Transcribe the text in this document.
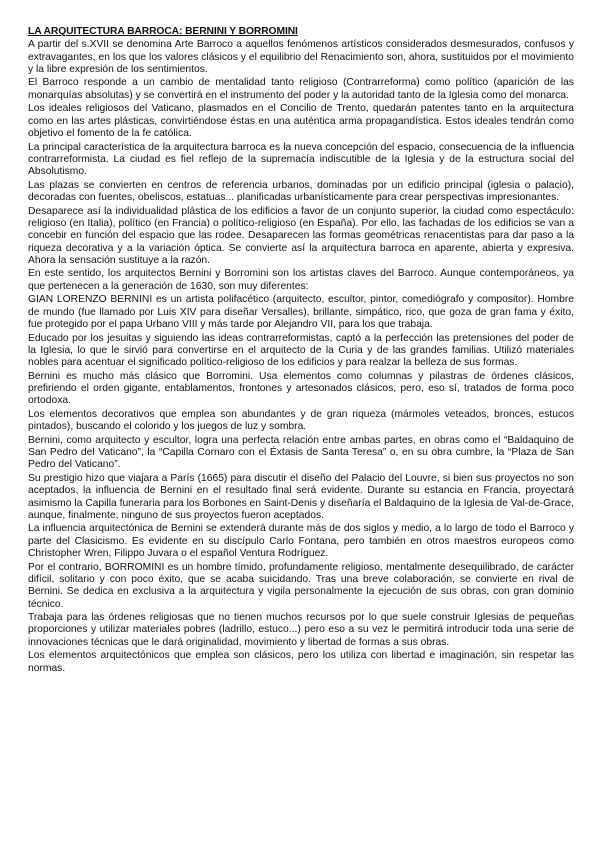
LA ARQUITECTURA BARROCA: BERNINI Y BORROMINI

A partir del s.XVII se denomina Arte Barroco a aquellos fenómenos artísticos considerados desmesurados, confusos y extravagantes, en los que los valores clásicos y el equilibrio del Renacimiento son, ahora, sustituidos por el movimiento y la libre expresión de los sentimientos.

El Barroco responde a un cambio de mentalidad tanto religioso (Contrarreforma) como político (aparición de las monarquías absolutas) y se convertirá en el instrumento del poder y la autoridad tanto de la Iglesia como del monarca.

Los ideales religiosos del Vaticano, plasmados en el Concilio de Trento, quedarán patentes tanto en la arquitectura como en las artes plásticas, convirtiéndose éstas en una auténtica arma propagandística. Estos ideales tendrán como objetivo el fomento de la fe católica.

La principal característica de la arquitectura barroca es la nueva concepción del espacio, consecuencia de la influencia contrarreformista. La ciudad es fiel reflejo de la supremacía indiscutible de la Iglesia y de la estructura social del Absolutismo.

Las plazas se convierten en centros de referencia urbanos, dominadas por un edificio principal (iglesia o palacio), decoradas con fuentes, obeliscos, estatuas... planificadas urbanísticamente para crear perspectivas impresionantes.

Desaparece así la individualidad plástica de los edificios a favor de un conjunto superior, la ciudad como espectáculo: religioso (en Italia), político (en Francia) o político-religioso (en España). Por ello, las fachadas de los edificios se van a concebir en función del espacio que las rodee. Desaparecen las formas geométricas renacentistas para dar paso a la riqueza decorativa y a la variación óptica. Se convierte así la arquitectura barroca en aparente, abierta y expresiva. Ahora la sensación sustituye a la razón.

En este sentido, los arquitectos Bernini y Borromini son los artistas claves del Barroco. Aunque contemporáneos, ya que pertenecen a la generación de 1630, son muy diferentes:

GIAN LORENZO BERNINI es un artista polifacético (arquitecto, escultor, pintor, comediógrafo y compositor). Hombre de mundo (fue llamado por Luis XIV para diseñar Versalles), brillante, simpático, rico, que goza de gran fama y éxito, fue protegido por el papa Urbano VIII y más tarde por Alejandro VII, para los que trabaja.

Educado por los jesuitas y siguiendo las ideas contrarreformistas, captó a la perfección las pretensiones del poder de la Iglesia, lo que le sirvió para convertirse en el arquitecto de la Curia y de las grandes familias. Utilizó materiales nobles para acentuar el significado político-religioso de los edificios y para realzar la belleza de sus formas.

Bernini es mucho más clásico que Borromini. Usa elementos como columnas y pilastras de órdenes clásicos, prefiriendo el orden gigante, entablamentos, frontones y artesonados clásicos, pero, eso sí, tratados de forma poco ortodoxa.

Los elementos decorativos que emplea son abundantes y de gran riqueza (mármoles veteados, bronces, estucos pintados), buscando el colorido y los juegos de luz y sombra.

Bernini, como arquitecto y escultor, logra una perfecta relación entre ambas partes, en obras como el “Baldaquino de San Pedro del Vaticano”, la “Capilla Cornaro con el Éxtasis de Santa Teresa” o, en su obra cumbre, la “Plaza de San Pedro del Vaticano”.

Su prestigio hizo que viajara a París (1665) para discutir el diseño del Palacio del Louvre, si bien sus proyectos no son aceptados, la influencia de Bernini en el resultado final será evidente. Durante su estancia en Francia, proyectará asimismo la Capilla funeraria para los Borbones en Saint-Denis y diseñaría el Baldaquino de la Iglesia de Val-de-Grace, aunque, finalmente, ninguno de sus proyectos fueron aceptados.

La influencia arquitectónica de Bernini se extenderá durante más de dos siglos y medio, a lo largo de todo el Barroco y parte del Clasicismo. Es evidente en su discípulo Carlo Fontana, pero también en otros maestros europeos como Christopher Wren, Filippo Juvara o el español Ventura Rodríguez.

Por el contrario, BORROMINI es un hombre tímido, profundamente religioso, mentalmente desequilibrado, de carácter difícil, solitario y con poco éxito, que se acaba suicidando. Tras una breve colaboración, se convierte en rival de Bernini. Se dedica en exclusiva a la arquitectura y vigila personalmente la ejecución de sus obras, con gran dominio técnico.

Trabaja para las órdenes religiosas que no tienen muchos recursos por lo que suele construir Iglesias de pequeñas proporciones y utilizar materiales pobres (ladrillo, estuco...) pero eso a su vez le permitirá introducir toda una serie de innovaciones técnicas que le dará originalidad, movimiento y libertad de formas a sus obras.

Los elementos arquitectónicos que emplea son clásicos, pero los utiliza con libertad e imaginación, sin respetar las normas.
